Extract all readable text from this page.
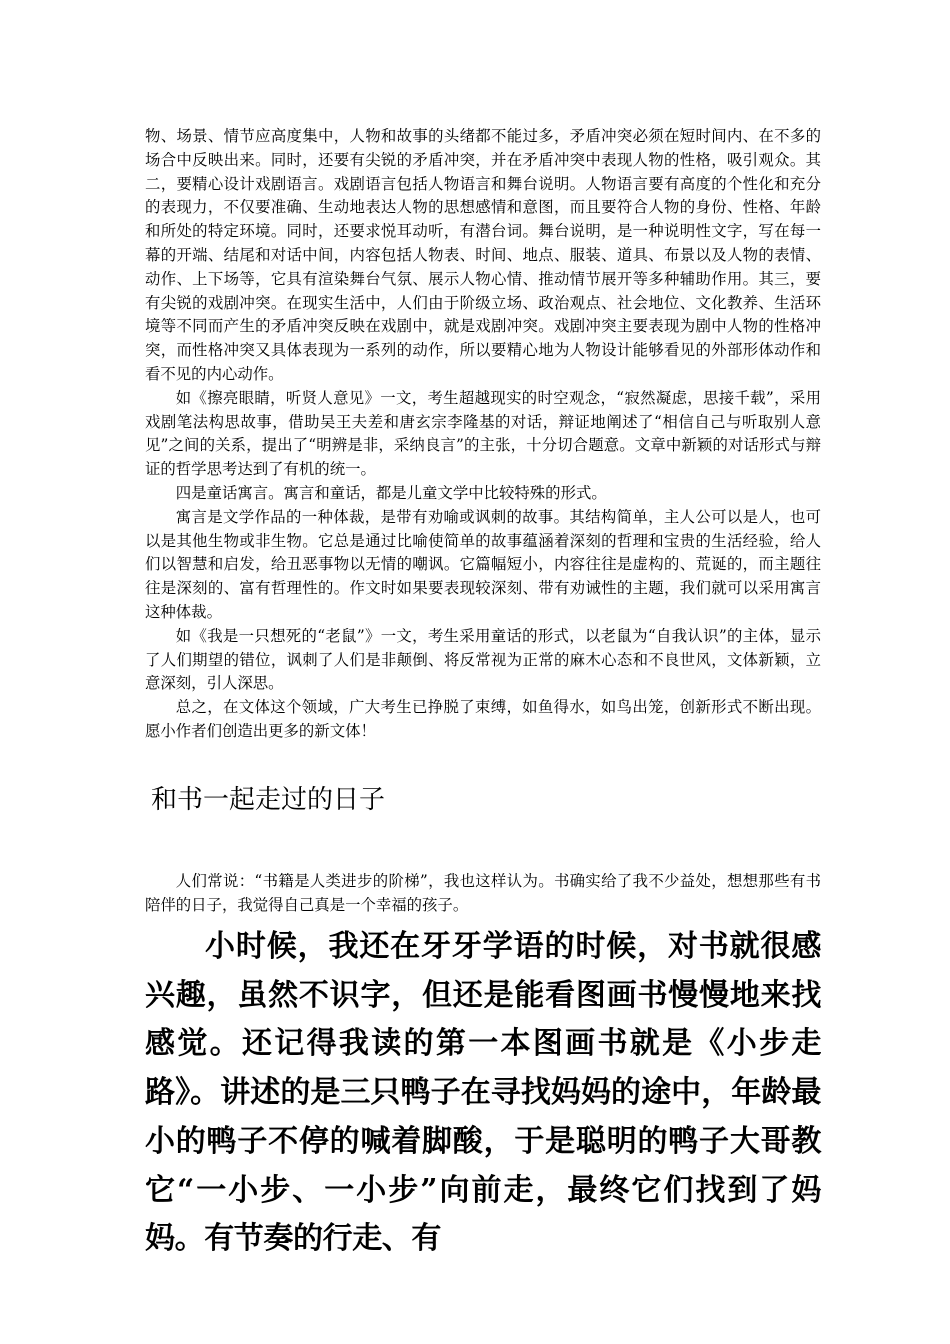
物、场景、情节应高度集中，人物和故事的头绪都不能过多，矛盾冲突必须在短时间内、在不多的场合中反映出来。同时，还要有尖锐的矛盾冲突，并在矛盾冲突中表现人物的性格，吸引观众。其二，要精心设计戏剧语言。戏剧语言包括人物语言和舞台说明。人物语言要有高度的个性化和充分的表现力，不仅要准确、生动地表达人物的思想感情和意图，而且要符合人物的身份、性格、年龄和所处的特定环境。同时，还要求悦耳动听，有潜台词。舞台说明，是一种说明性文字，写在每一幕的开端、结尾和对话中间，内容包括人物表、时间、地点、服装、道具、布景以及人物的表情、动作、上下场等，它具有渲染舞台气氛、展示人物心情、推动情节展开等多种辅助作用。其三，要有尖锐的戏剧冲突。在现实生活中，人们由于阶级立场、政治观点、社会地位、文化教养、生活环境等不同而产生的矛盾冲突反映在戏剧中，就是戏剧冲突。戏剧冲突主要表现为剧中人物的性格冲突，而性格冲突又具体表现为一系列的动作，所以要精心地为人物设计能够看见的外部形体动作和看不见的内心动作。

如《擦亮眼睛，听贤人意见》一文，考生超越现实的时空观念，“寂然凝虑，思接千载”，采用戏剧笔法构思故事，借助吴王夫差和唐玄宗李隆基的对话，辩证地阐述了“相信自己与听取别人意见”之间的关系，提出了“明辨是非，采纳良言”的主张，十分切合题意。文章中新颖的对话形式与辩证的哲学思考达到了有机的统一。

四是童话寓言。寓言和童话，都是儿童文学中比较特殊的形式。

寓言是文学作品的一种体裁，是带有劝喻或讽刺的故事。其结构简单，主人公可以是人，也可以是其他生物或非生物。它总是通过比喻使简单的故事蕴涵着深刻的哲理和宝贵的生活经验，给人们以智慧和启发，给丑恶事物以无情的嘲讽。它篇幅短小，内容往往是虚构的、荒诞的，而主题往往是深刻的、富有哲理性的。作文时如果要表现较深刻、带有劝诫性的主题，我们就可以采用寓言这种体裁。

如《我是一只想死的“老鼠”》一文，考生采用童话的形式，以老鼠为“自我认识”的主体，显示了人们期望的错位，讽刺了人们是非颠倒、将反常视为正常的麻木心态和不良世风，文体新颖，立意深刻，引人深思。

总之，在文体这个领域，广大考生已挣脱了束缚，如鱼得水，如鸟出笼，创新形式不断出现。愿小作者们创造出更多的新文体！

和书一起走过的日子

人们常说：“书籍是人类进步的阶梯”，我也这样认为。书确实给了我不少益处，想想那些有书陪伴的日子，我觉得自己真是一个幸福的孩子。

小时候，我还在牙牙学语的时候，对书就很感兴趣，虽然不识字，但还是能看图画书慢慢地来找感觉。还记得我读的第一本图画书就是《小步走路》。讲述的是三只鸭子在寻找妈妈的途中，年龄最小的鸭子不停的喊着脚酸，于是聪明的鸭子大哥教它“一小步、一小步”向前走，最终它们找到了妈妈。有节奏的行走、有
